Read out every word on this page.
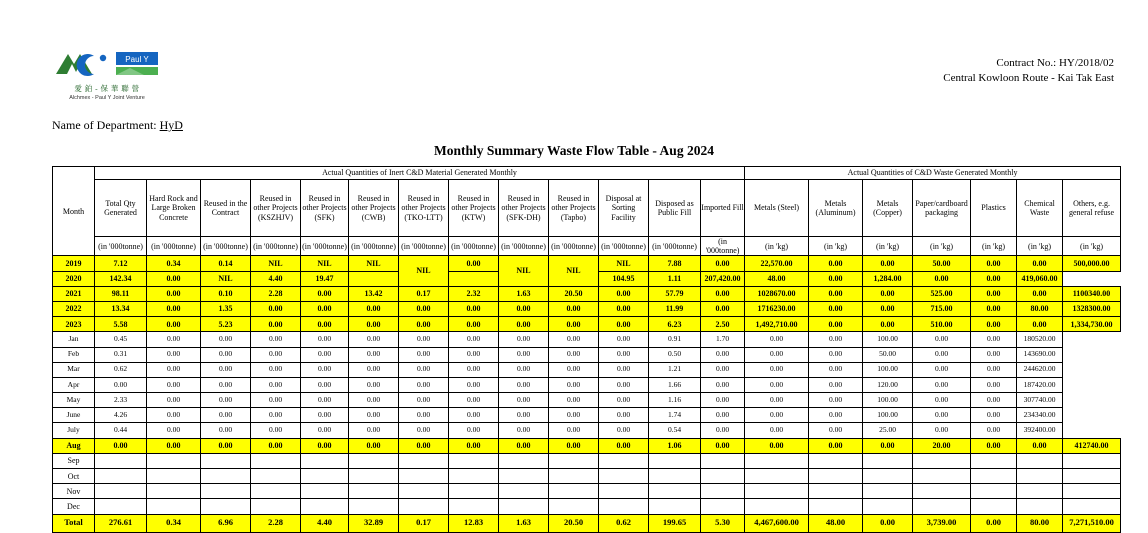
Paul Y
愛 鉑 ‑ 保 華 聯 營
Alchmex - Paul Y Joint Venture
Contract No.: HY/2018/02
Central Kowloon Route - Kai Tak East
Name of Department: HyD
Monthly Summary Waste Flow Table - Aug 2024
Month	Actual Quantities of Inert C&D Material Generated Monthly													Actual Quantities of C&D Waste Generated Monthly						
	Total Qty Generated	Hard Rock and Large Broken Concrete	Reused in the Contract	Reused in other Projects (KSZHJV)	Reused in other Projects (SFK)	Reused in other Projects (CWB)	Reused in other Projects (TKO-LTT)	Reused in other Projects (KTW)	Reused in other Projects (SFK-DH)	Reused in other Projects (Tapbo)	Disposal at Sorting Facility	Disposed as Public Fill	Imported Fill	Metals (Steel)	Metals (Aluminum)	Metals (Copper)	Paper/cardboard packaging	Plastics	Chemical Waste	Others, e.g. general refuse
	(in '000tonne)	(in '000tonne)	(in '000tonne)	(in '000tonne)	(in '000tonne)	(in '000tonne)	(in '000tonne)	(in '000tonne)	(in '000tonne)	(in '000tonne)	(in '000tonne)	(in '000tonne)	(in '000tonne)	(in 'kg)	(in 'kg)	(in 'kg)	(in 'kg)	(in 'kg)	(in 'kg)	(in 'kg)
2019	7.12	0.34	0.14	NIL	NIL	NIL	NIL	0.00	NIL	NIL	NIL	7.88	0.00	22,570.00	0.00	0.00	50.00	0.00	0.00	500,000.00
2020	142.34	0.00	NIL	4.40	19.47						104.95	1.11	207,420.00	48.00	0.00	1,284.00	0.00	0.00	419,060.00	
2021	98.11	0.00	0.10	2.28	0.00	13.42	0.17	2.32	1.63	20.50	0.00	57.79	0.00	1028670.00	0.00	0.00	525.00	0.00	0.00	1100340.00
2022	13.34	0.00	1.35	0.00	0.00	0.00	0.00	0.00	0.00	0.00	0.00	11.99	0.00	1716230.00	0.00	0.00	715.00	0.00	80.00	1328300.00
2023	5.58	0.00	5.23	0.00	0.00	0.00	0.00	0.00	0.00	0.00	0.00	6.23	2.50	1,492,710.00	0.00	0.00	510.00	0.00	0.00	1,334,730.00
Jan	0.45	0.00	0.00	0.00	0.00	0.00	0.00	0.00	0.00	0.00	0.00	0.91	1.70	0.00	0.00	100.00	0.00	0.00	180520.00	
Feb	0.31	0.00	0.00	0.00	0.00	0.00	0.00	0.00	0.00	0.00	0.00	0.50	0.00	0.00	0.00	50.00	0.00	0.00	143690.00	
Mar	0.62	0.00	0.00	0.00	0.00	0.00	0.00	0.00	0.00	0.00	0.00	1.21	0.00	0.00	0.00	100.00	0.00	0.00	244620.00	
Apr	0.00	0.00	0.00	0.00	0.00	0.00	0.00	0.00	0.00	0.00	0.00	1.66	0.00	0.00	0.00	120.00	0.00	0.00	187420.00	
May	2.33	0.00	0.00	0.00	0.00	0.00	0.00	0.00	0.00	0.00	0.00	1.16	0.00	0.00	0.00	100.00	0.00	0.00	307740.00	
June	4.26	0.00	0.00	0.00	0.00	0.00	0.00	0.00	0.00	0.00	0.00	1.74	0.00	0.00	0.00	100.00	0.00	0.00	234340.00	
July	0.44	0.00	0.00	0.00	0.00	0.00	0.00	0.00	0.00	0.00	0.00	0.54	0.00	0.00	0.00	25.00	0.00	0.00	392400.00	
Aug	0.00	0.00	0.00	0.00	0.00	0.00	0.00	0.00	0.00	0.00	0.00	1.06	0.00	0.00	0.00	0.00	20.00	0.00	0.00	412740.00
Sep																				
Oct																				
Nov																				
Dec																				
Total	276.61	0.34	6.96	2.28	4.40	32.89	0.17	12.83	1.63	20.50	0.62	199.65	5.30	4,467,600.00	48.00	0.00	3,739.00	0.00	80.00	7,271,510.00
